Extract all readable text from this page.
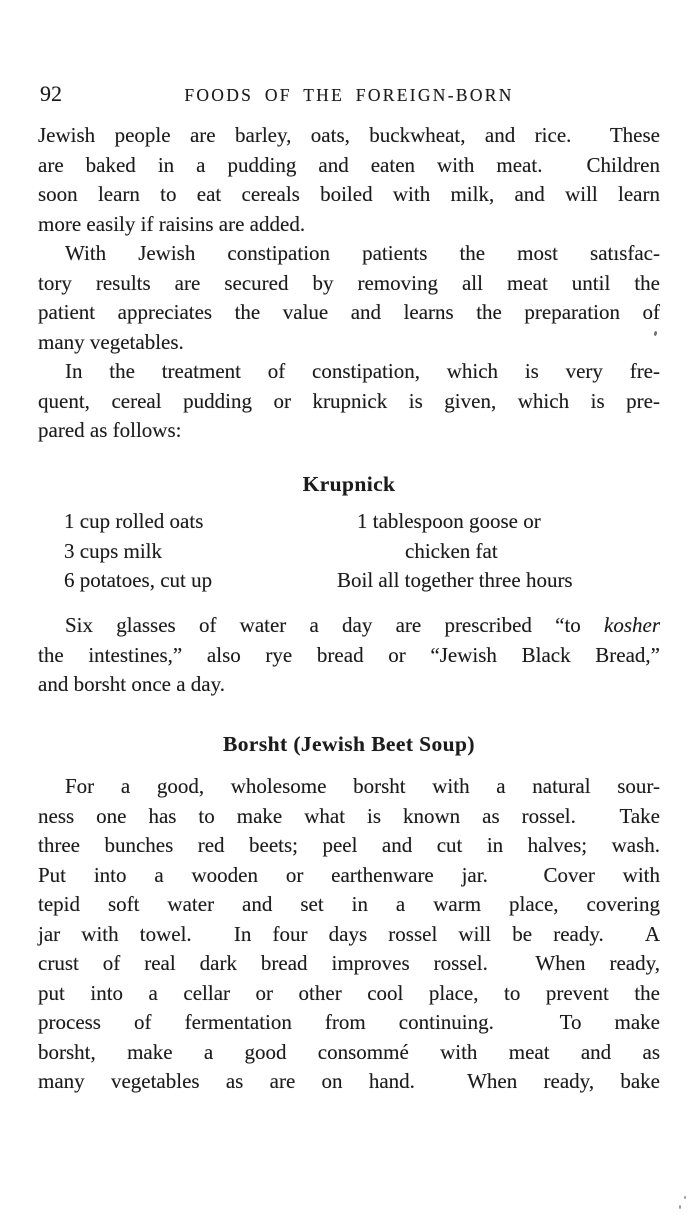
92	FOODS OF THE FOREIGN-BORN
Jewish people are barley, oats, buckwheat, and rice.  These
are baked in a pudding and eaten with meat.  Children
soon learn to eat cereals boiled with milk, and will learn
more easily if raisins are added.
With Jewish constipation patients the most satısfac-
tory results are secured by removing all meat until the
patient appreciates the value and learns the preparation of
many vegetables.
In the treatment of constipation, which is very fre-
quent, cereal pudding or krupnick is given, which is pre-
pared as follows:
Krupnick
1 cup rolled oats
3 cups milk
6 potatoes, cut up
1 tablespoon goose or
chicken fat
Boil all together three hours
Six glasses of water a day are prescribed “to kosher
the intestines,” also rye bread or “Jewish Black Bread,”
and borsht once a day.
Borsht (Jewish Beet Soup)
For a good, wholesome borsht with a natural sour-
ness one has to make what is known as rossel.  Take
three bunches red beets; peel and cut in halves; wash.
Put into a wooden or earthenware jar.  Cover with
tepid soft water and set in a warm place, covering
jar with towel.  In four days rossel will be ready.  A
crust of real dark bread improves rossel.  When ready,
put into a cellar or other cool place, to prevent the
process of fermentation from continuing.  To make
borsht, make a good consommé with meat and as
many vegetables as are on hand.  When ready, bake
